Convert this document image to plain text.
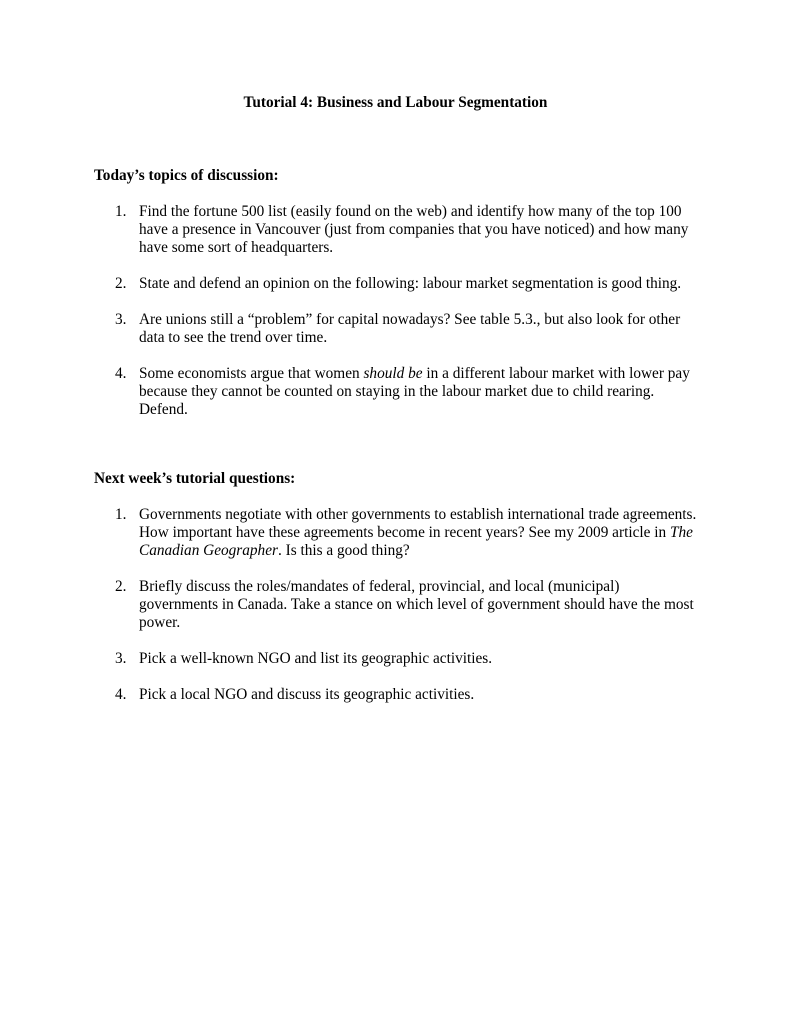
Tutorial 4: Business and Labour Segmentation
Today’s topics of discussion:
1. Find the fortune 500 list (easily found on the web) and identify how many of the top 100 have a presence in Vancouver (just from companies that you have noticed) and how many have some sort of headquarters.
2. State and defend an opinion on the following: labour market segmentation is good thing.
3. Are unions still a “problem” for capital nowadays? See table 5.3., but also look for other data to see the trend over time.
4. Some economists argue that women should be in a different labour market with lower pay because they cannot be counted on staying in the labour market due to child rearing. Defend.
Next week’s tutorial questions:
1. Governments negotiate with other governments to establish international trade agreements. How important have these agreements become in recent years? See my 2009 article in The Canadian Geographer. Is this a good thing?
2. Briefly discuss the roles/mandates of federal, provincial, and local (municipal) governments in Canada. Take a stance on which level of government should have the most power.
3. Pick a well-known NGO and list its geographic activities.
4. Pick a local NGO and discuss its geographic activities.
